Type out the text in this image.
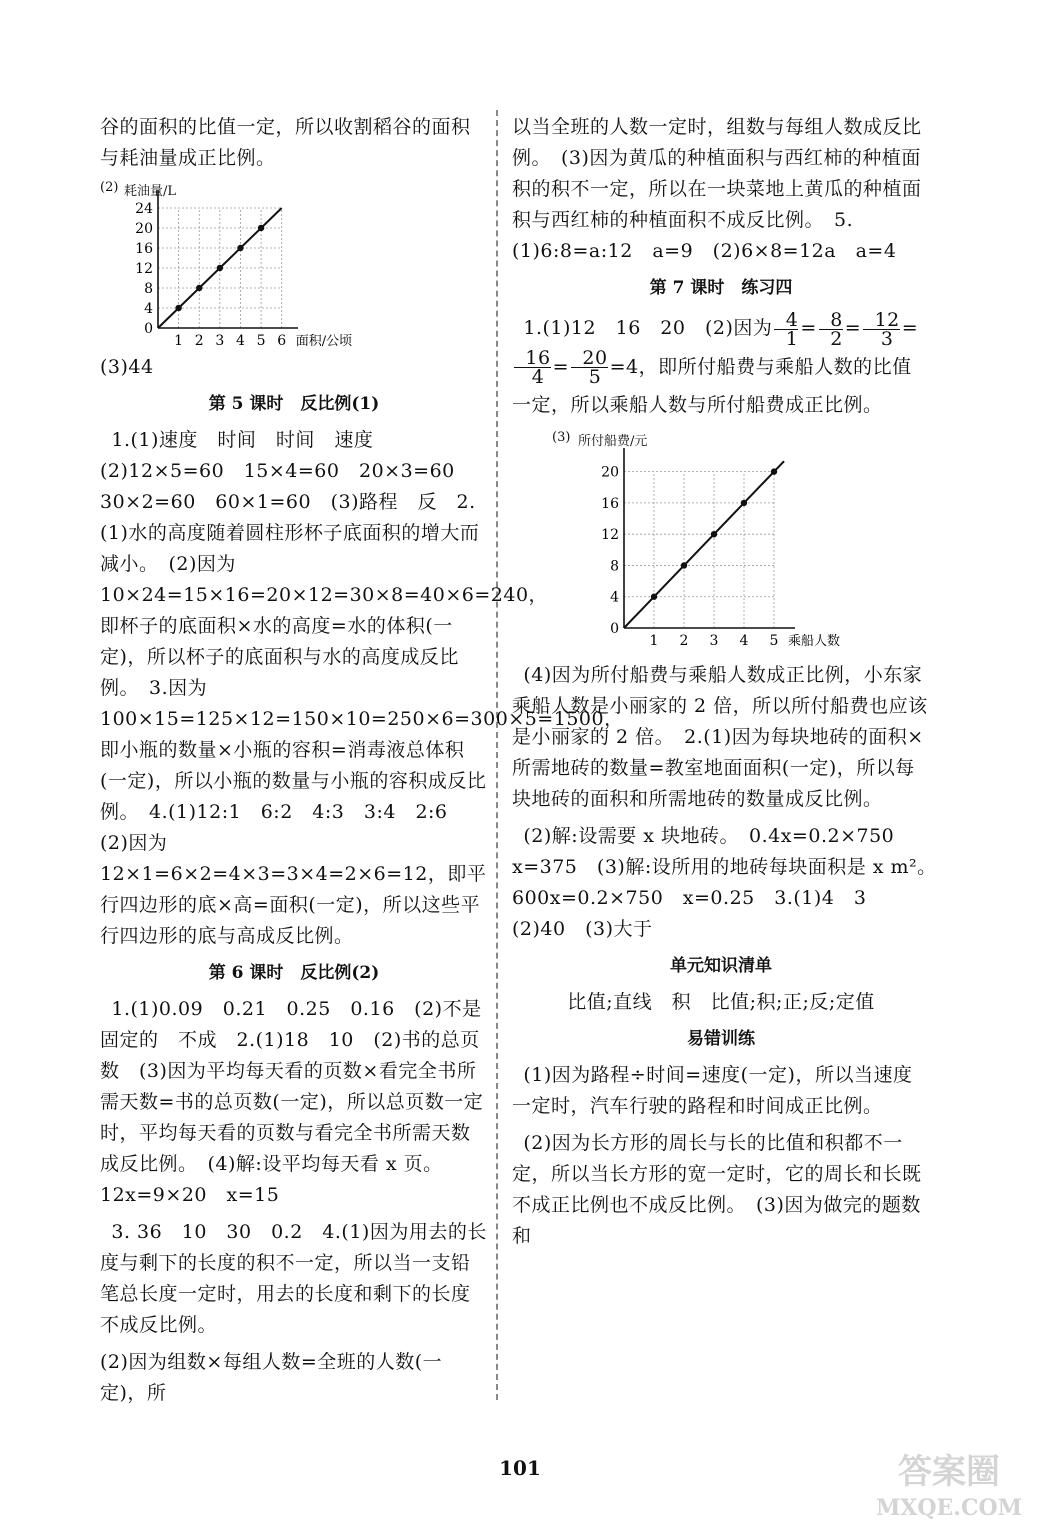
谷的面积的比值一定，所以收割稻谷的面积与耗油量成正比例。

(2) 耗油量/L
1 2 3 4 5 6
0
4
8
12
16
20
24
面积/公顷

(3)44

第 5 课时　反比例(1)

1.(1)速度　时间　时间　速度　(2)12×5=60　15×4=60　20×3=60　30×2=60　60×1=60　(3)路程　反　2.(1)水的高度随着圆柱形杯子底面积的增大而减小。　(2)因为 10×24=15×16=20×12=30×8=40×6=240，即杯子的底面积×水的高度=水的体积(一定)，所以杯子的底面积与水的高度成反比例。　3.因为 100×15=125×12=150×10=250×6=300×5=1500，即小瓶的数量×小瓶的容积=消毒液总体积(一定)，所以小瓶的数量与小瓶的容积成反比例。　4.(1)12:1　6:2　4:3　3:4　2:6　(2)因为 12×1=6×2=4×3=3×4=2×6=12，即平行四边形的底×高=面积(一定)，所以这些平行四边形的底与高成反比例。

第 6 课时　反比例(2)

1.(1)0.09　0.21　0.25　0.16　(2)不是固定的　不成　2.(1)18　10　(2)书的总页数　(3)因为平均每天看的页数×看完全书所需天数=书的总页数(一定)，所以总页数一定时，平均每天看的页数与看完全书所需天数成反比例。　(4)解:设平均每天看 x 页。　12x=9×20　x=15

3. 36　10　30　0.2　4.(1)因为用去的长度与剩下的长度的积不一定，所以当一支铅笔总长度一定时，用去的长度和剩下的长度不成反比例。

(2)因为组数×每组人数=全班的人数(一定)，所

以当全班的人数一定时，组数与每组人数成反比例。　(3)因为黄瓜的种植面积与西红柿的种植面积的积不一定，所以在一块菜地上黄瓜的种植面积与西红柿的种植面积不成反比例。　5.(1)6:8=a:12　a=9　(2)6×8=12a　a=4

第 7 课时　练习四

1.(1)12　16　20　(2)因为 $\frac{4}{1} = \frac{8}{2} = \frac{12}{3}$ =
$\frac{16}{4} = \frac{20}{5} =4$，即所付船费与乘船人数的比值一定，所以乘船人数与所付船费成正比例。

(3) 所付船费/元
1 2 3 4 5
0
4
8
12
16
20
乘船人数

(4)因为所付船费与乘船人数成正比例，小东家乘船人数是小丽家的 2 倍，所以所付船费也应该是小丽家的 2 倍。　2.(1)因为每块地砖的面积×所需地砖的数量=教室地面面积(一定)，所以每块地砖的面积和所需地砖的数量成反比例。

(2)解:设需要 x 块地砖。　0.4x=0.2×750　x=375　(3)解:设所用的地砖每块面积是 x m²。　600x=0.2×750　x=0.25　3.(1)4　3　(2)40　(3)大于

单元知识清单

比值;直线　积　比值;积;正;反;定值

易错训练

(1)因为路程÷时间=速度(一定)，所以当速度一定时，汽车行驶的路程和时间成正比例。

(2)因为长方形的周长与长的比值和积都不一定，所以当长方形的宽一定时，它的周长和长既不成正比例也不成反比例。　(3)因为做完的题数和

101	答案圈
MXQE.COM
